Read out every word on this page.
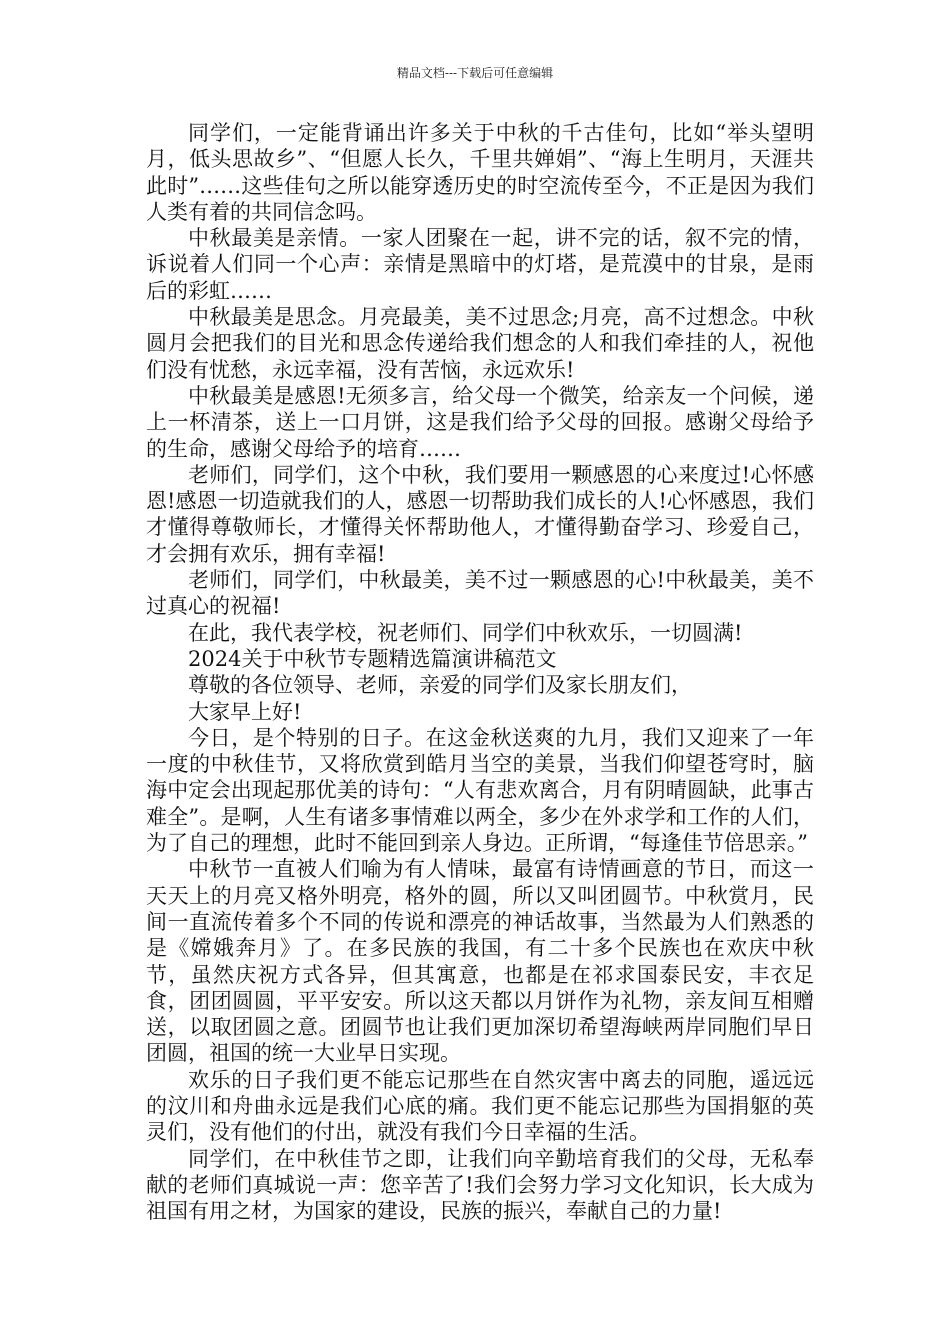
精品文档---下载后可任意编辑

同学们，一定能背诵出许多关于中秋的千古佳句，比如“举头望明月，低头思故乡”、“但愿人长久，千里共婵娟”、“海上生明月，天涯共此时”……这些佳句之所以能穿透历史的时空流传至今，不正是因为我们人类有着的共同信念吗。

中秋最美是亲情。一家人团聚在一起，讲不完的话，叙不完的情，诉说着人们同一个心声：亲情是黑暗中的灯塔，是荒漠中的甘泉，是雨后的彩虹……

中秋最美是思念。月亮最美，美不过思念;月亮，高不过想念。中秋圆月会把我们的目光和思念传递给我们想念的人和我们牵挂的人，祝他们没有忧愁，永远幸福，没有苦恼，永远欢乐!

中秋最美是感恩!无须多言，给父母一个微笑，给亲友一个问候，递上一杯清茶，送上一口月饼，这是我们给予父母的回报。感谢父母给予的生命，感谢父母给予的培育……

老师们，同学们，这个中秋，我们要用一颗感恩的心来度过!心怀感恩!感恩一切造就我们的人，感恩一切帮助我们成长的人!心怀感恩，我们才懂得尊敬师长，才懂得关怀帮助他人，才懂得勤奋学习、珍爱自己，才会拥有欢乐，拥有幸福!

老师们，同学们，中秋最美，美不过一颗感恩的心!中秋最美，美不过真心的祝福!

在此，我代表学校，祝老师们、同学们中秋欢乐，一切圆满!

2024关于中秋节专题精选篇演讲稿范文

尊敬的各位领导、老师，亲爱的同学们及家长朋友们，

大家早上好!

今日，是个特别的日子。在这金秋送爽的九月，我们又迎来了一年一度的中秋佳节，又将欣赏到皓月当空的美景，当我们仰望苍穹时，脑海中定会出现起那优美的诗句：“人有悲欢离合，月有阴晴圆缺，此事古难全”。是啊，人生有诸多事情难以两全，多少在外求学和工作的人们，为了自己的理想，此时不能回到亲人身边。正所谓，“每逢佳节倍思亲。”

中秋节一直被人们喻为有人情味，最富有诗情画意的节日，而这一天天上的月亮又格外明亮，格外的圆，所以又叫团圆节。中秋赏月，民间一直流传着多个不同的传说和漂亮的神话故事，当然最为人们熟悉的是《嫦娥奔月》了。在多民族的我国，有二十多个民族也在欢庆中秋节，虽然庆祝方式各异，但其寓意，也都是在祁求国泰民安，丰衣足食，团团圆圆，平平安安。所以这天都以月饼作为礼物，亲友间互相赠送，以取团圆之意。团圆节也让我们更加深切希望海峡两岸同胞们早日团圆，祖国的统一大业早日实现。

欢乐的日子我们更不能忘记那些在自然灾害中离去的同胞，遥远远的汶川和舟曲永远是我们心底的痛。我们更不能忘记那些为国捐躯的英灵们，没有他们的付出，就没有我们今日幸福的生活。

同学们，在中秋佳节之即，让我们向辛勤培育我们的父母，无私奉献的老师们真城说一声：您辛苦了!我们会努力学习文化知识，长大成为祖国有用之材，为国家的建设，民族的振兴，奉献自己的力量!
